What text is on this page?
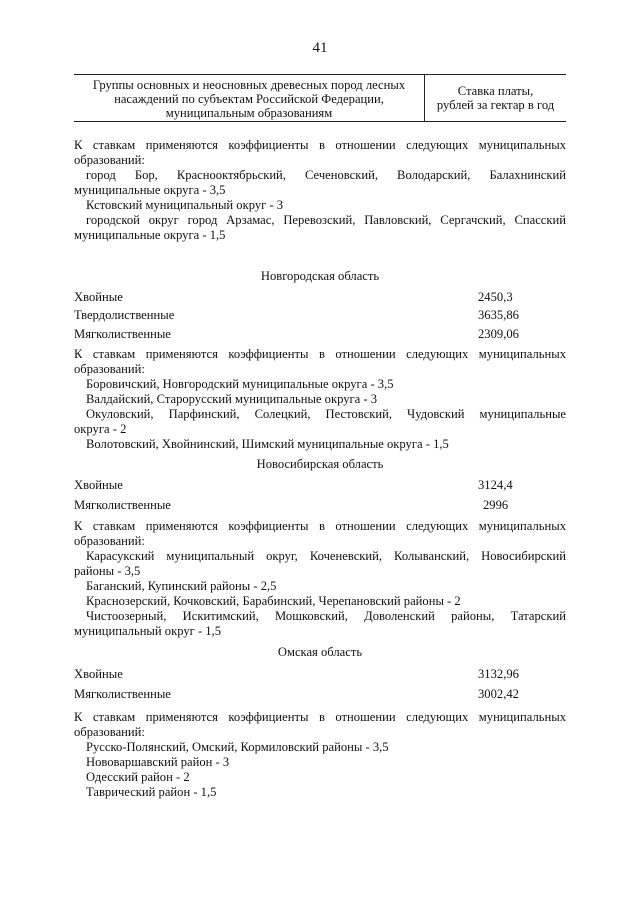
41
Группы основных и неосновных древесных пород лесных
насаждений по субъектам Российской Федерации,
муниципальным образованиям
Ставка платы,
рублей за гектар в год
К ставкам применяются коэффициенты в отношении следующих муниципальных
образований:
город Бор, Краснооктябрьский, Сеченовский, Володарский, Балахнинский
муниципальные округа - 3,5
Кстовский муниципальный округ - 3
городской округ город Арзамас, Перевозский, Павловский, Сергачский, Спасский
муниципальные округа - 1,5
Новгородская область
Хвойные	2450,3
Твердолиственные	3635,86
Мягколиственные	2309,06
К ставкам применяются коэффициенты в отношении следующих муниципальных
образований:
Боровичский, Новгородский муниципальные округа - 3,5
Валдайский, Старорусский муниципальные округа - 3
Окуловский, Парфинский, Солецкий, Пестовский, Чудовский муниципальные
округа - 2
Волотовский, Хвойнинский, Шимский муниципальные округа - 1,5
Новосибирская область
Хвойные	3124,4
Мягколиственные	2996
К ставкам применяются коэффициенты в отношении следующих муниципальных
образований:
Карасукский муниципальный округ, Коченевский, Колыванский, Новосибирский
районы - 3,5
Баганский, Купинский районы - 2,5
Краснозерский, Кочковский, Барабинский, Черепановский районы - 2
Чистоозерный, Искитимский, Мошковский, Доволенский районы, Татарский
муниципальный округ - 1,5
Омская область
Хвойные	3132,96
Мягколиственные	3002,42
К ставкам применяются коэффициенты в отношении следующих муниципальных
образований:
Русско-Полянский, Омский, Кормиловский районы - 3,5
Нововаршавский район - 3
Одесский район - 2
Таврический район - 1,5
